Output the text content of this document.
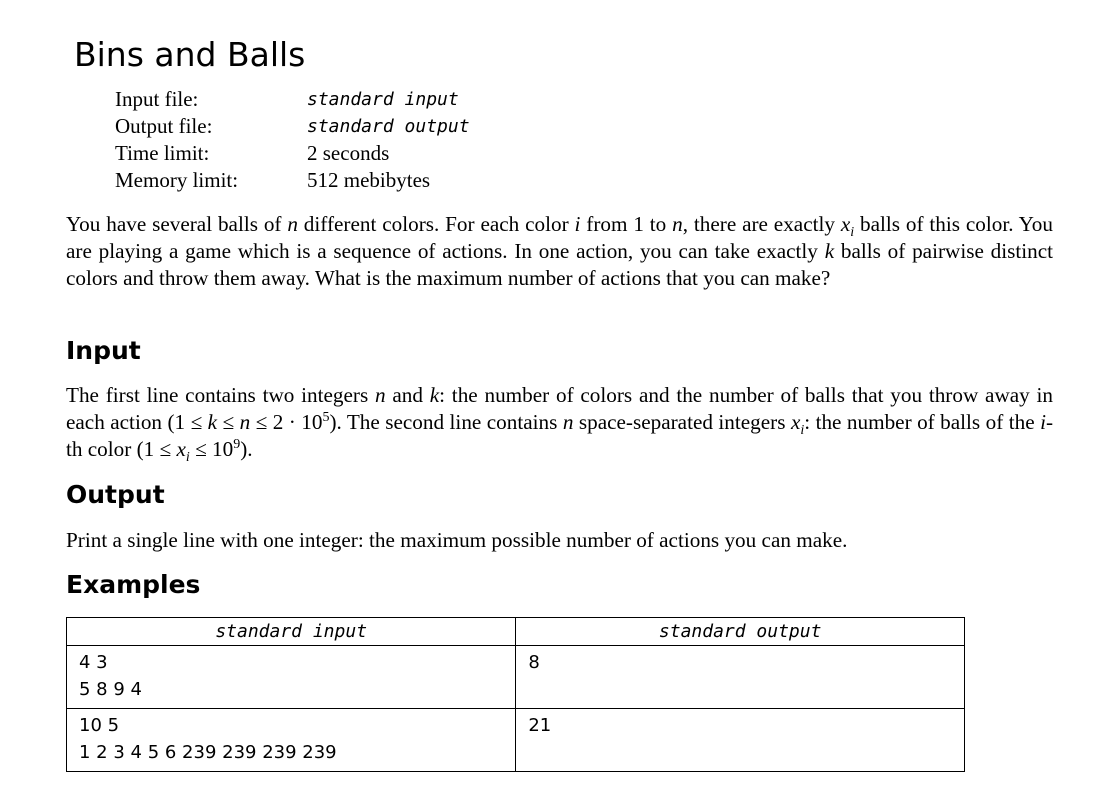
Bins and Balls
Input file:	standard input
Output file:	standard output
Time limit:	2 seconds
Memory limit:	512 mebibytes

You have several balls of n different colors. For each color i from 1 to n, there are exactly $x_i$ balls of this color. You are playing a game which is a sequence of actions. In one action, you can take exactly k balls of pairwise distinct colors and throw them away. What is the maximum number of actions that you can make?

Input

The first line contains two integers n and k: the number of colors and the number of balls that you throw away in each action $(1 \le k \le n \le 2 \cdot 10^5)$. The second line contains n space-separated integers $x_i$: the number of balls of the i-th color $(1 \le x_i \le 10^9)$.

Output

Print a single line with one integer: the maximum possible number of actions you can make.

Examples
standard input	standard output

4 3
5 8 9 4	8

10 5
1 2 3 4 5 6 239 239 239 239	21
